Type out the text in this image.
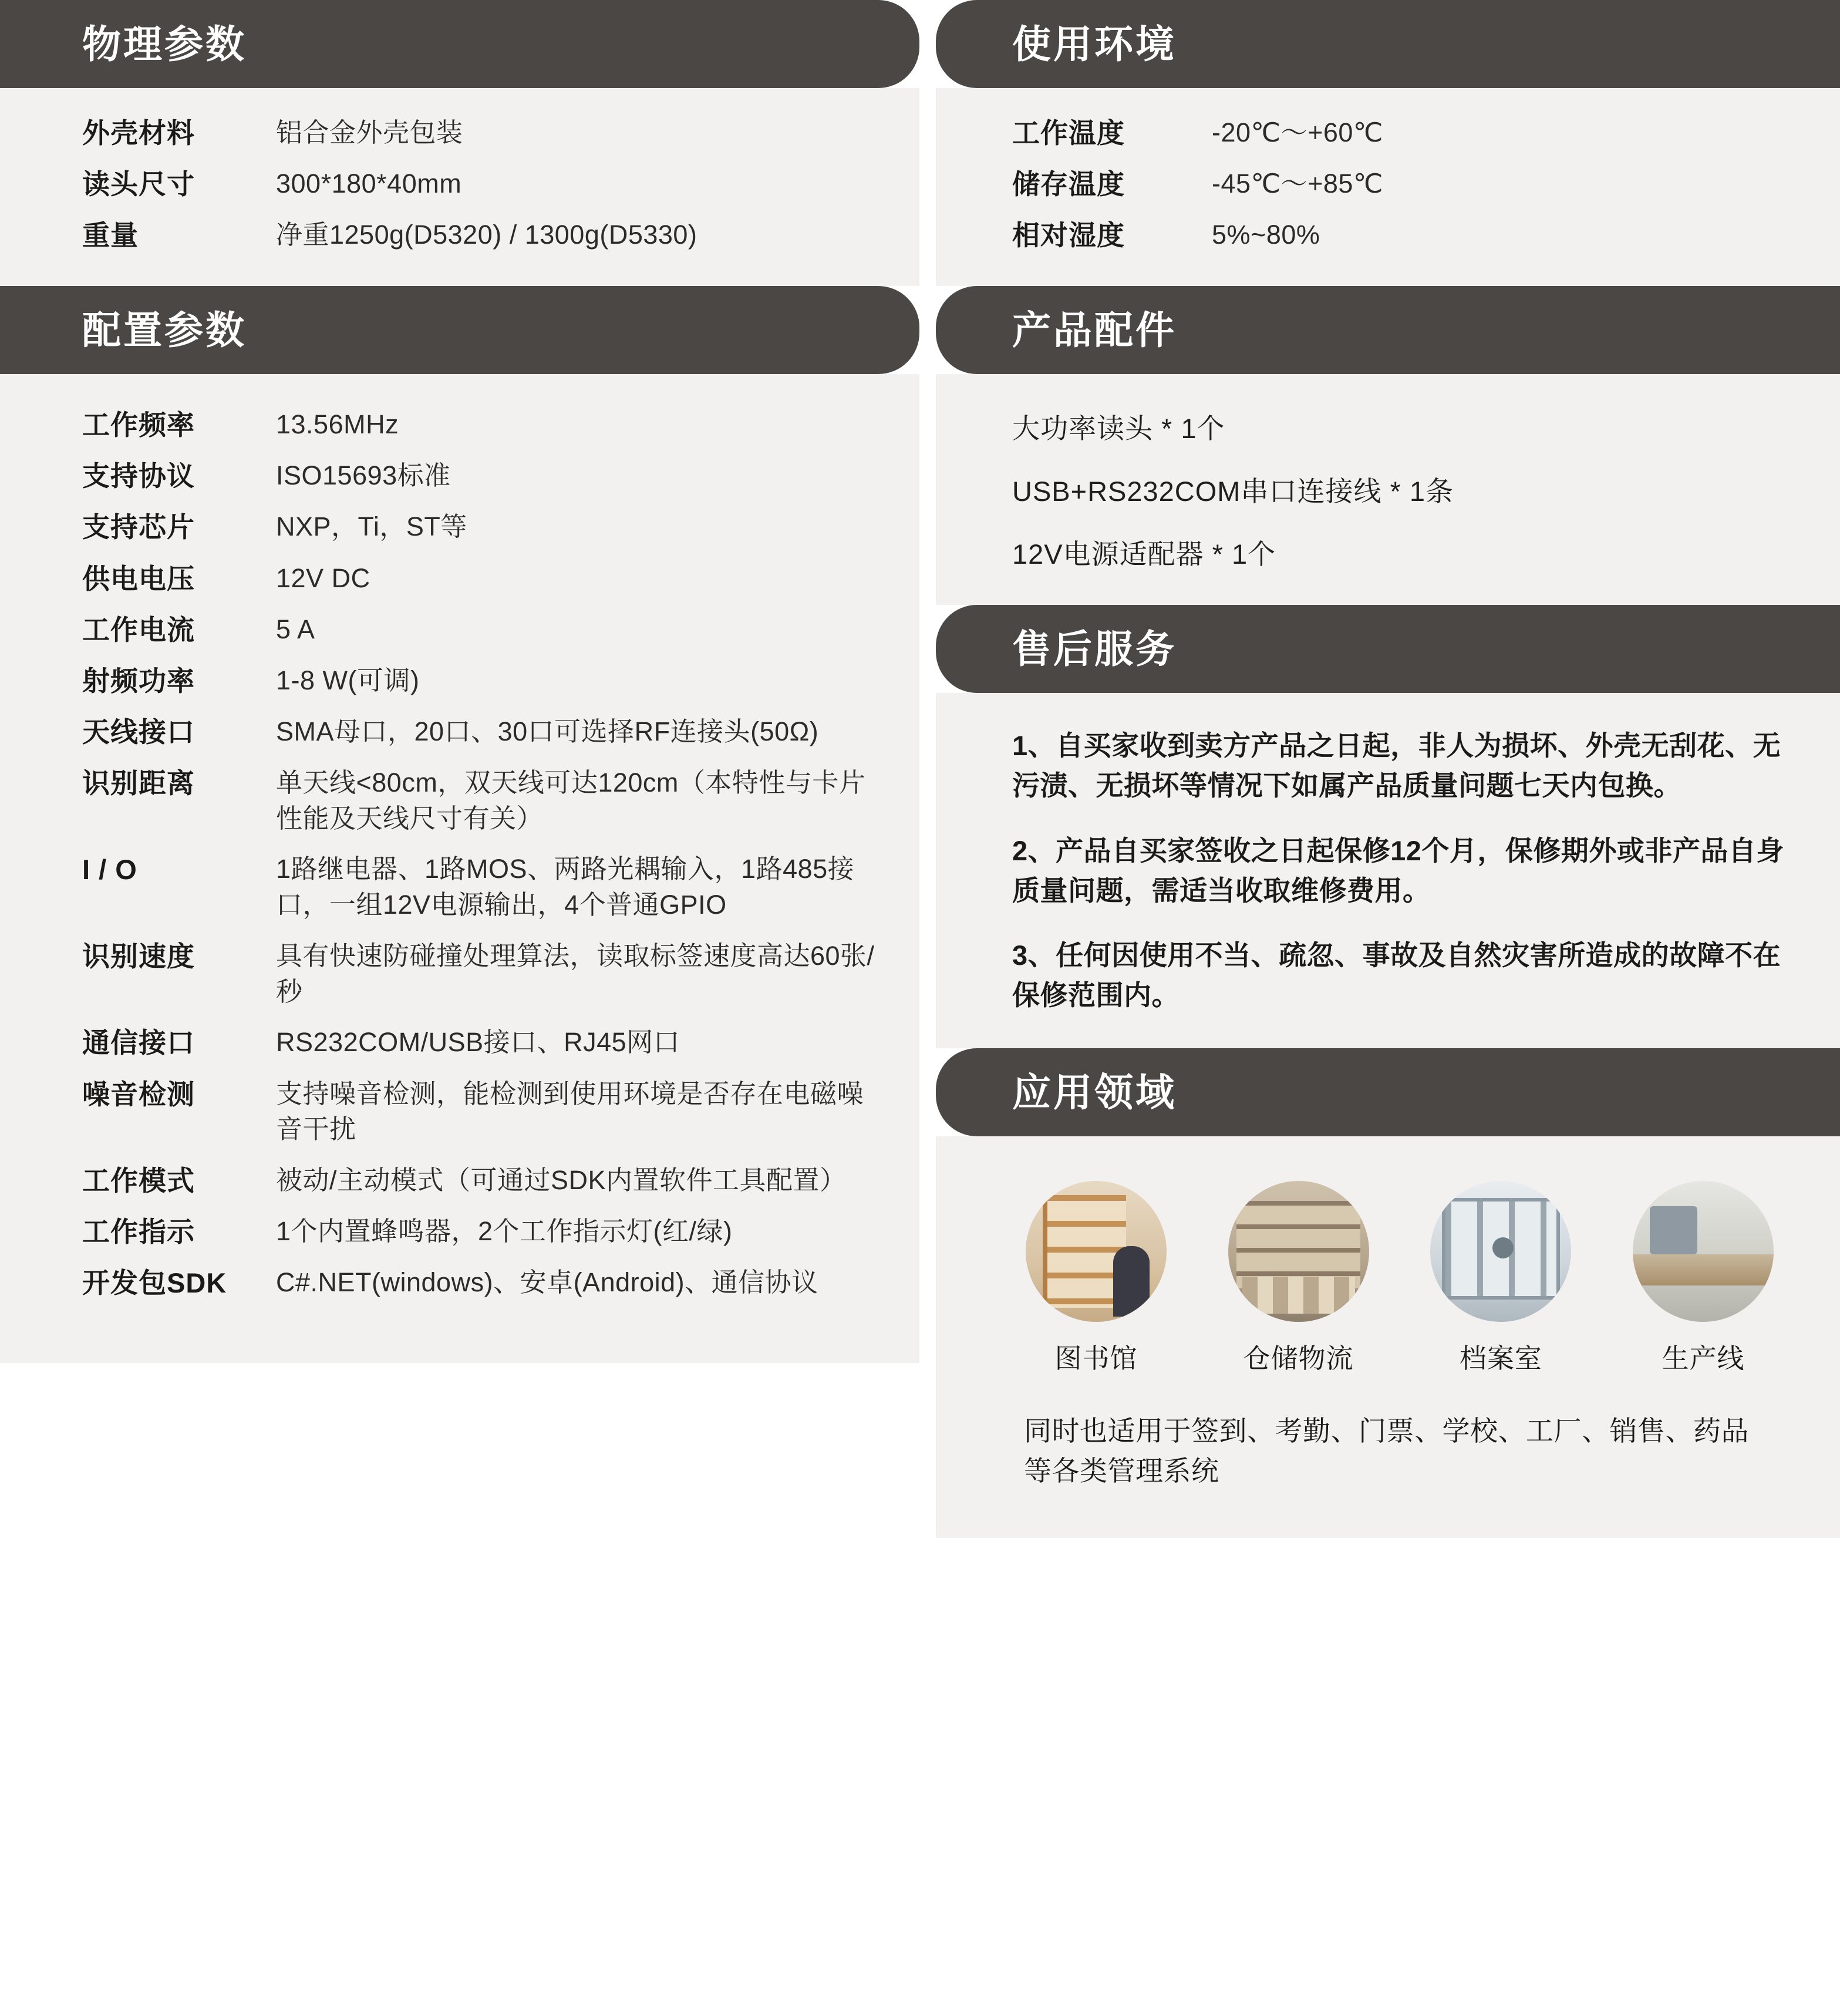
物理参数
外壳材料	铝合金外壳包装
读头尺寸	300*180*40mm
重量	净重1250g(D5320) / 1300g(D5330)
配置参数
工作频率	13.56MHz
支持协议	ISO15693标准
支持芯片	NXP，Ti，ST等
供电电压	12V DC
工作电流	5 A
射频功率	1-8 W(可调)
天线接口	SMA母口，20口、30口可选择RF连接头(50Ω)
识别距离	单天线<80cm，双天线可达120cm（本特性与卡片性能及天线尺寸有关）
I / O	1路继电器、1路MOS、两路光耦输入，1路485接口，一组12V电源输出，4个普通GPIO
识别速度	具有快速防碰撞处理算法，读取标签速度高达60张/秒
通信接口	RS232COM/USB接口、RJ45网口
噪音检测	支持噪音检测，能检测到使用环境是否存在电磁噪音干扰
工作模式	被动/主动模式（可通过SDK内置软件工具配置）
工作指示	1个内置蜂鸣器，2个工作指示灯(红/绿)
开发包SDK	C#.NET(windows)、安卓(Android)、通信协议
使用环境
工作温度	-20℃～+60℃
储存温度	-45℃～+85℃
相对湿度	5%~80%
产品配件
大功率读头 * 1个
USB+RS232COM串口连接线 * 1条
12V电源适配器 * 1个
售后服务
1、自买家收到卖方产品之日起，非人为损坏、外壳无刮花、无污渍、无损坏等情况下如属产品质量问题七天内包换。
2、产品自买家签收之日起保修12个月，保修期外或非产品自身质量问题，需适当收取维修费用。
3、任何因使用不当、疏忽、事故及自然灾害所造成的故障不在保修范围内。
应用领域
图书馆	仓储物流	档案室	生产线
同时也适用于签到、考勤、门票、学校、工厂、销售、药品等各类管理系统
